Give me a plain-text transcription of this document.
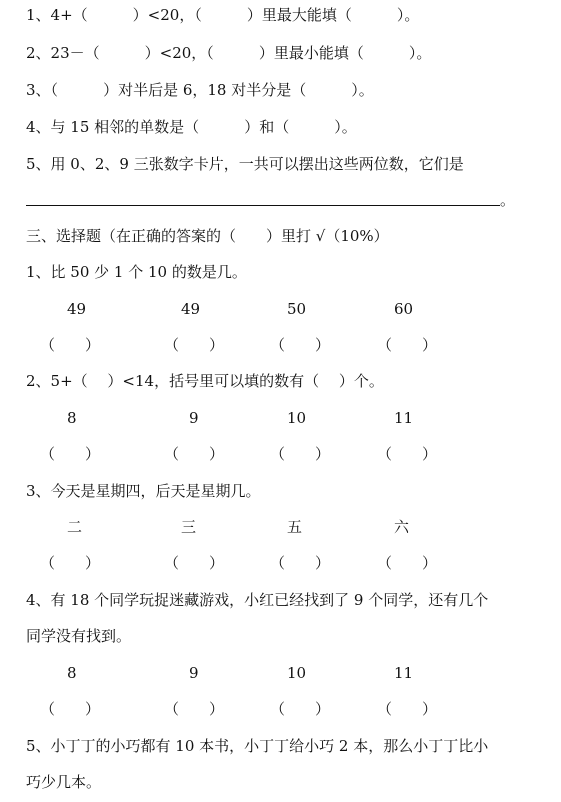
1、4+（　　　	）<20，（　　　	）里最大能填（　　　	）。
2、23－（　　　	）<20，（　　　	）里最小能填（　　　	）。
3、（　　　	）对半后是 6，18 对半分是（　　　	）。
4、与 15 相邻的单数是（　　　	）和（　　　	）。
5、用 0、2、9 三张数字卡片，一共可以摆出这些两位数，它们是
。
三、选择题（在正确的答案的（　　）里打 √（10%）
1、比 50 少 1 个 10 的数是几。
49	49	50	60
（　　）	（　　）	（　　）	（　　）
2、5+（　 ）<14，括号里可以填的数有（　 ）个。
8	9	10	11
（　　）	（　　）	（　　）	（　　）
3、今天是星期四，后天是星期几。
二	三	五	六
（　　）	（　　）	（　　）	（　　）
4、有 18 个同学玩捉迷藏游戏，小红已经找到了 9 个同学，还有几个
同学没有找到。
8	9	10	11
（　　）	（　　）	（　　）	（　　）
5、小丁丁的小巧都有 10 本书，小丁丁给小巧 2 本，那么小丁丁比小
巧少几本。
